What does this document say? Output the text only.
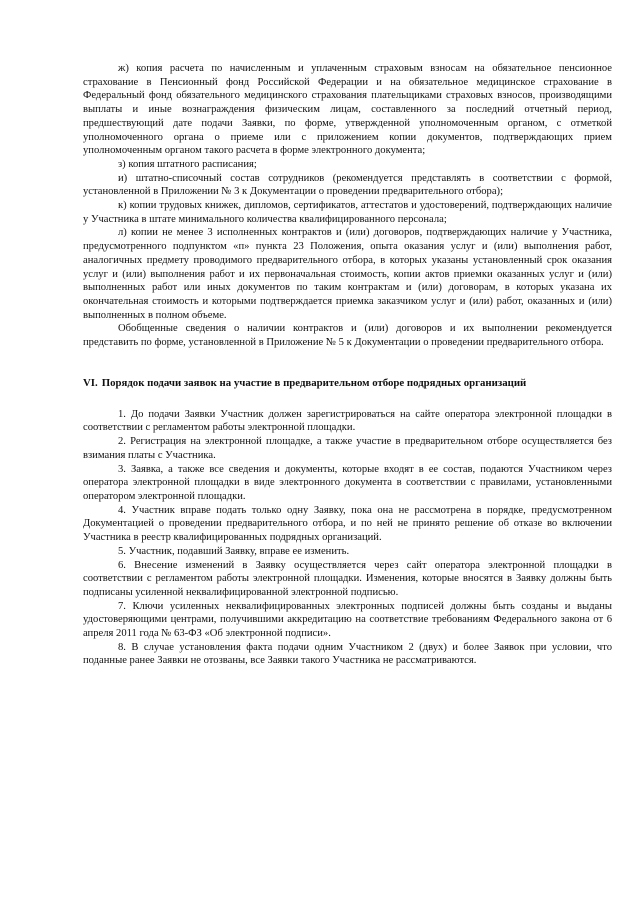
ж) копия расчета по начисленным и уплаченным страховым взносам на обязательное пенсионное страхование в Пенсионный фонд Российской Федерации и на обязательное медицинское страхование в Федеральный фонд обязательного медицинского страхования плательщиками страховых взносов, производящими выплаты и иные вознаграждения физическим лицам, составленного за последний отчетный период, предшествующий дате подачи Заявки, по форме, утвержденной уполномоченным органом, с отметкой уполномоченного органа о приеме или с приложением копии документов, подтверждающих прием уполномоченным органом такого расчета в форме электронного документа;

з) копия штатного расписания;

и) штатно-списочный состав сотрудников (рекомендуется представлять в соответствии с формой, установленной в Приложении № 3 к Документации о проведении предварительного отбора);

к) копии трудовых книжек, дипломов, сертификатов, аттестатов и удостоверений, подтверждающих наличие у Участника в штате минимального количества квалифицированного персонала;

л) копии не менее 3 исполненных контрактов и (или) договоров, подтверждающих наличие у Участника, предусмотренного подпунктом «п» пункта 23 Положения, опыта оказания услуг и (или) выполнения работ, аналогичных предмету проводимого предварительного отбора, в которых указаны установленный срок оказания услуг и (или) выполнения работ и их первоначальная стоимость, копии актов приемки оказанных услуг и (или) выполненных работ или иных документов по таким контрактам и (или) договорам, в которых указана их окончательная стоимость и которыми подтверждается приемка заказчиком услуг и (или) работ, оказанных и (или) выполненных в полном объеме.

Обобщенные сведения о наличии контрактов и (или) договоров и их выполнении рекомендуется представить по форме, установленной в Приложение № 5 к Документации о проведении предварительного отбора.

VI. Порядок подачи заявок на участие в предварительном отборе подрядных организаций

1. До подачи Заявки Участник должен зарегистрироваться на сайте оператора электронной площадки в соответствии с регламентом работы электронной площадки.

2. Регистрация на электронной площадке, а также участие в предварительном отборе осуществляется без взимания платы с Участника.

3. Заявка, а также все сведения и документы, которые входят в ее состав, подаются Участником через оператора электронной площадки в виде электронного документа в соответствии с правилами, установленными оператором электронной площадки.

4. Участник вправе подать только одну Заявку, пока она не рассмотрена в порядке, предусмотренном Документацией о проведении предварительного отбора, и по ней не принято решение об отказе во включении Участника в реестр квалифицированных подрядных организаций.

5. Участник, подавший Заявку, вправе ее изменить.

6. Внесение изменений в Заявку осуществляется через сайт оператора электронной площадки в соответствии с регламентом работы электронной площадки. Изменения, которые вносятся в Заявку должны быть подписаны усиленной неквалифицированной электронной подписью.

7. Ключи усиленных неквалифицированных электронных подписей должны быть созданы и выданы удостоверяющими центрами, получившими аккредитацию на соответствие требованиям Федерального закона от 6 апреля 2011 года № 63-ФЗ «Об электронной подписи».

8. В случае установления факта подачи одним Участником 2 (двух) и более Заявок при условии, что поданные ранее Заявки не отозваны, все Заявки такого Участника не рассматриваются.
